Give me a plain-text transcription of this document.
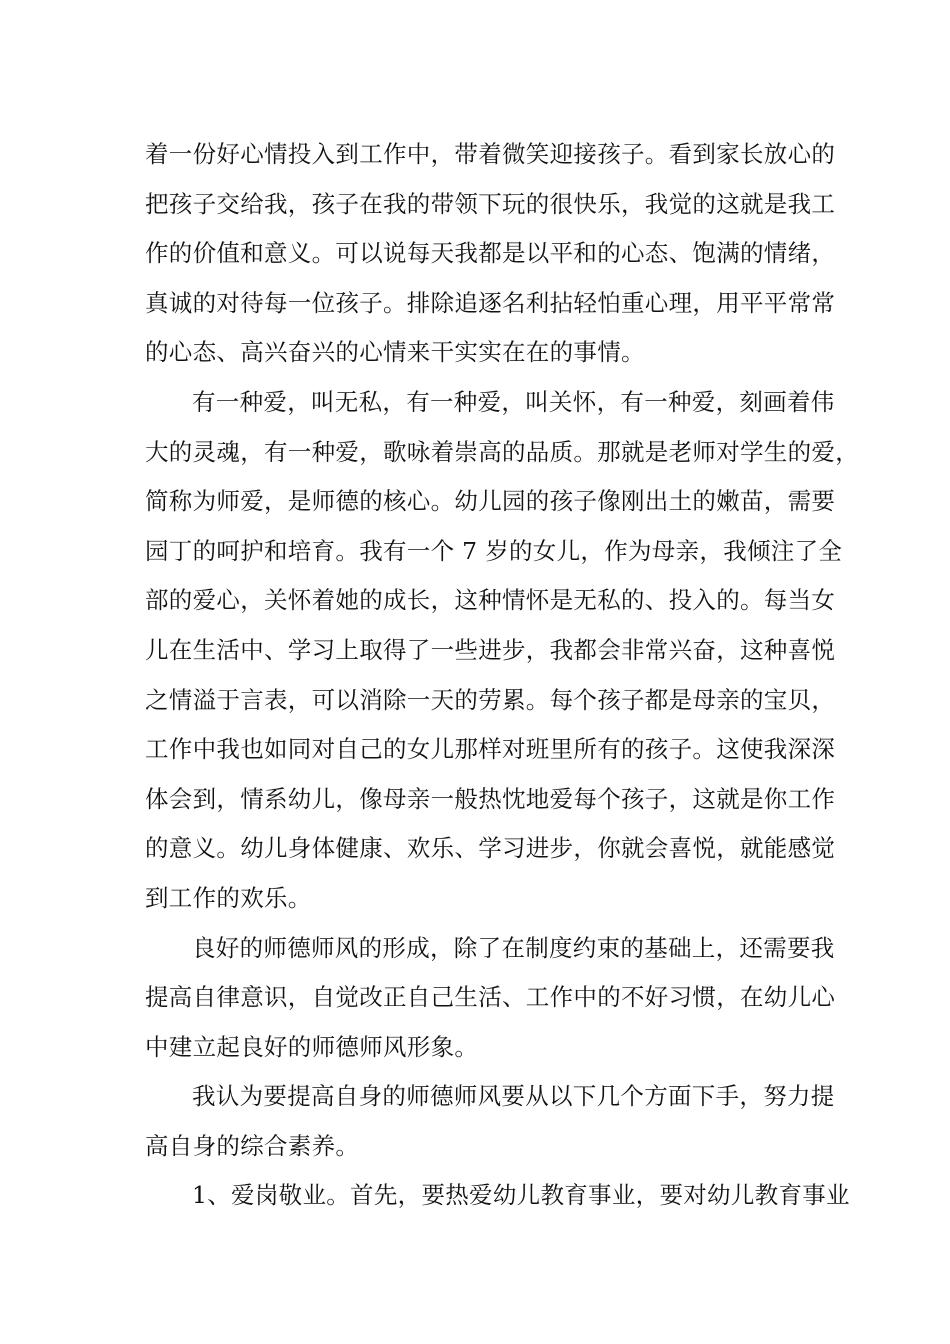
着一份好心情投入到工作中，带着微笑迎接孩子。看到家长放心的
把孩子交给我，孩子在我的带领下玩的很快乐，我觉的这就是我工
作的价值和意义。可以说每天我都是以平和的心态、饱满的情绪，
真诚的对待每一位孩子。排除追逐名利拈轻怕重心理，用平平常常
的心态、高兴奋兴的心情来干实实在在的事情。
有一种爱，叫无私，有一种爱，叫关怀，有一种爱，刻画着伟
大的灵魂，有一种爱，歌咏着崇高的品质。那就是老师对学生的爱，
简称为师爱，是师德的核心。幼儿园的孩子像刚出土的嫩苗，需要
园丁的呵护和培育。我有一个 7 岁的女儿，作为母亲，我倾注了全
部的爱心，关怀着她的成长，这种情怀是无私的、投入的。每当女
儿在生活中、学习上取得了一些进步，我都会非常兴奋，这种喜悦
之情溢于言表，可以消除一天的劳累。每个孩子都是母亲的宝贝，
工作中我也如同对自己的女儿那样对班里所有的孩子。这使我深深
体会到，情系幼儿，像母亲一般热忱地爱每个孩子，这就是你工作
的意义。幼儿身体健康、欢乐、学习进步，你就会喜悦，就能感觉
到工作的欢乐。
良好的师德师风的形成，除了在制度约束的基础上，还需要我
提高自律意识，自觉改正自己生活、工作中的不好习惯，在幼儿心
中建立起良好的师德师风形象。
我认为要提高自身的师德师风要从以下几个方面下手，努力提
高自身的综合素养。
1、爱岗敬业。首先，要热爱幼儿教育事业，要对幼儿教育事业
